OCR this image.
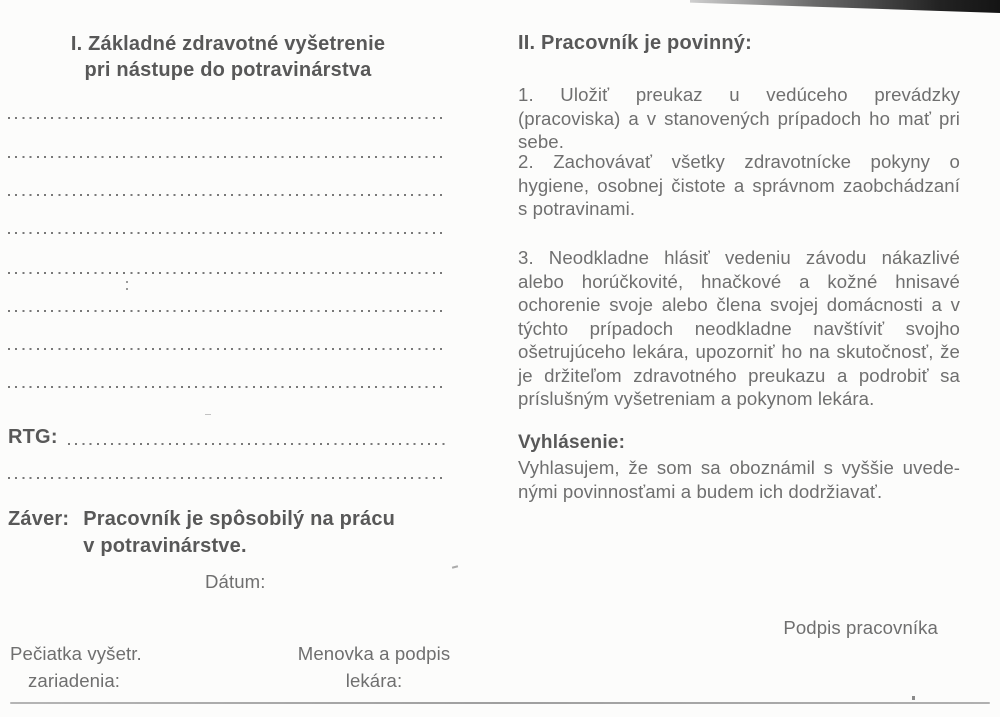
I. Základné zdravotné vyšetrenie
pri nástupe do potravinárstva
RTG:
Záver: Pracovník je spôsobilý na prácu
v potravinárstve.
Dátum:
Pečiatka vyšetr.
zariadenia:
Menovka a podpis
lekára:
II. Pracovník je povinný:

1. Uložiť preukaz u vedúceho prevádzky (pracoviska) a v stanovených prípadoch ho mať pri sebe.

2. Zachovávať všetky zdravotnícke pokyny o hygiene, osobnej čistote a správnom zaobchádzaní s potravinami.

3. Neodkladne hlásiť vedeniu závodu nákazlivé alebo horúčkovité, hnačkové a kožné hnisavé ochorenie svoje alebo člena svojej domácnosti a v týchto prípadoch neodkladne navštíviť svojho ošetrujúceho lekára, upozorniť ho na skutočnosť, že je držiteľom zdravotného preukazu a podrobiť sa príslušným vyšetreniam a pokynom lekára.

Vyhlásenie:

Vyhlasujem, že som sa oboznámil s vyššie uvedenými povinnosťami a budem ich dodržiavať.

Podpis pracovníka
